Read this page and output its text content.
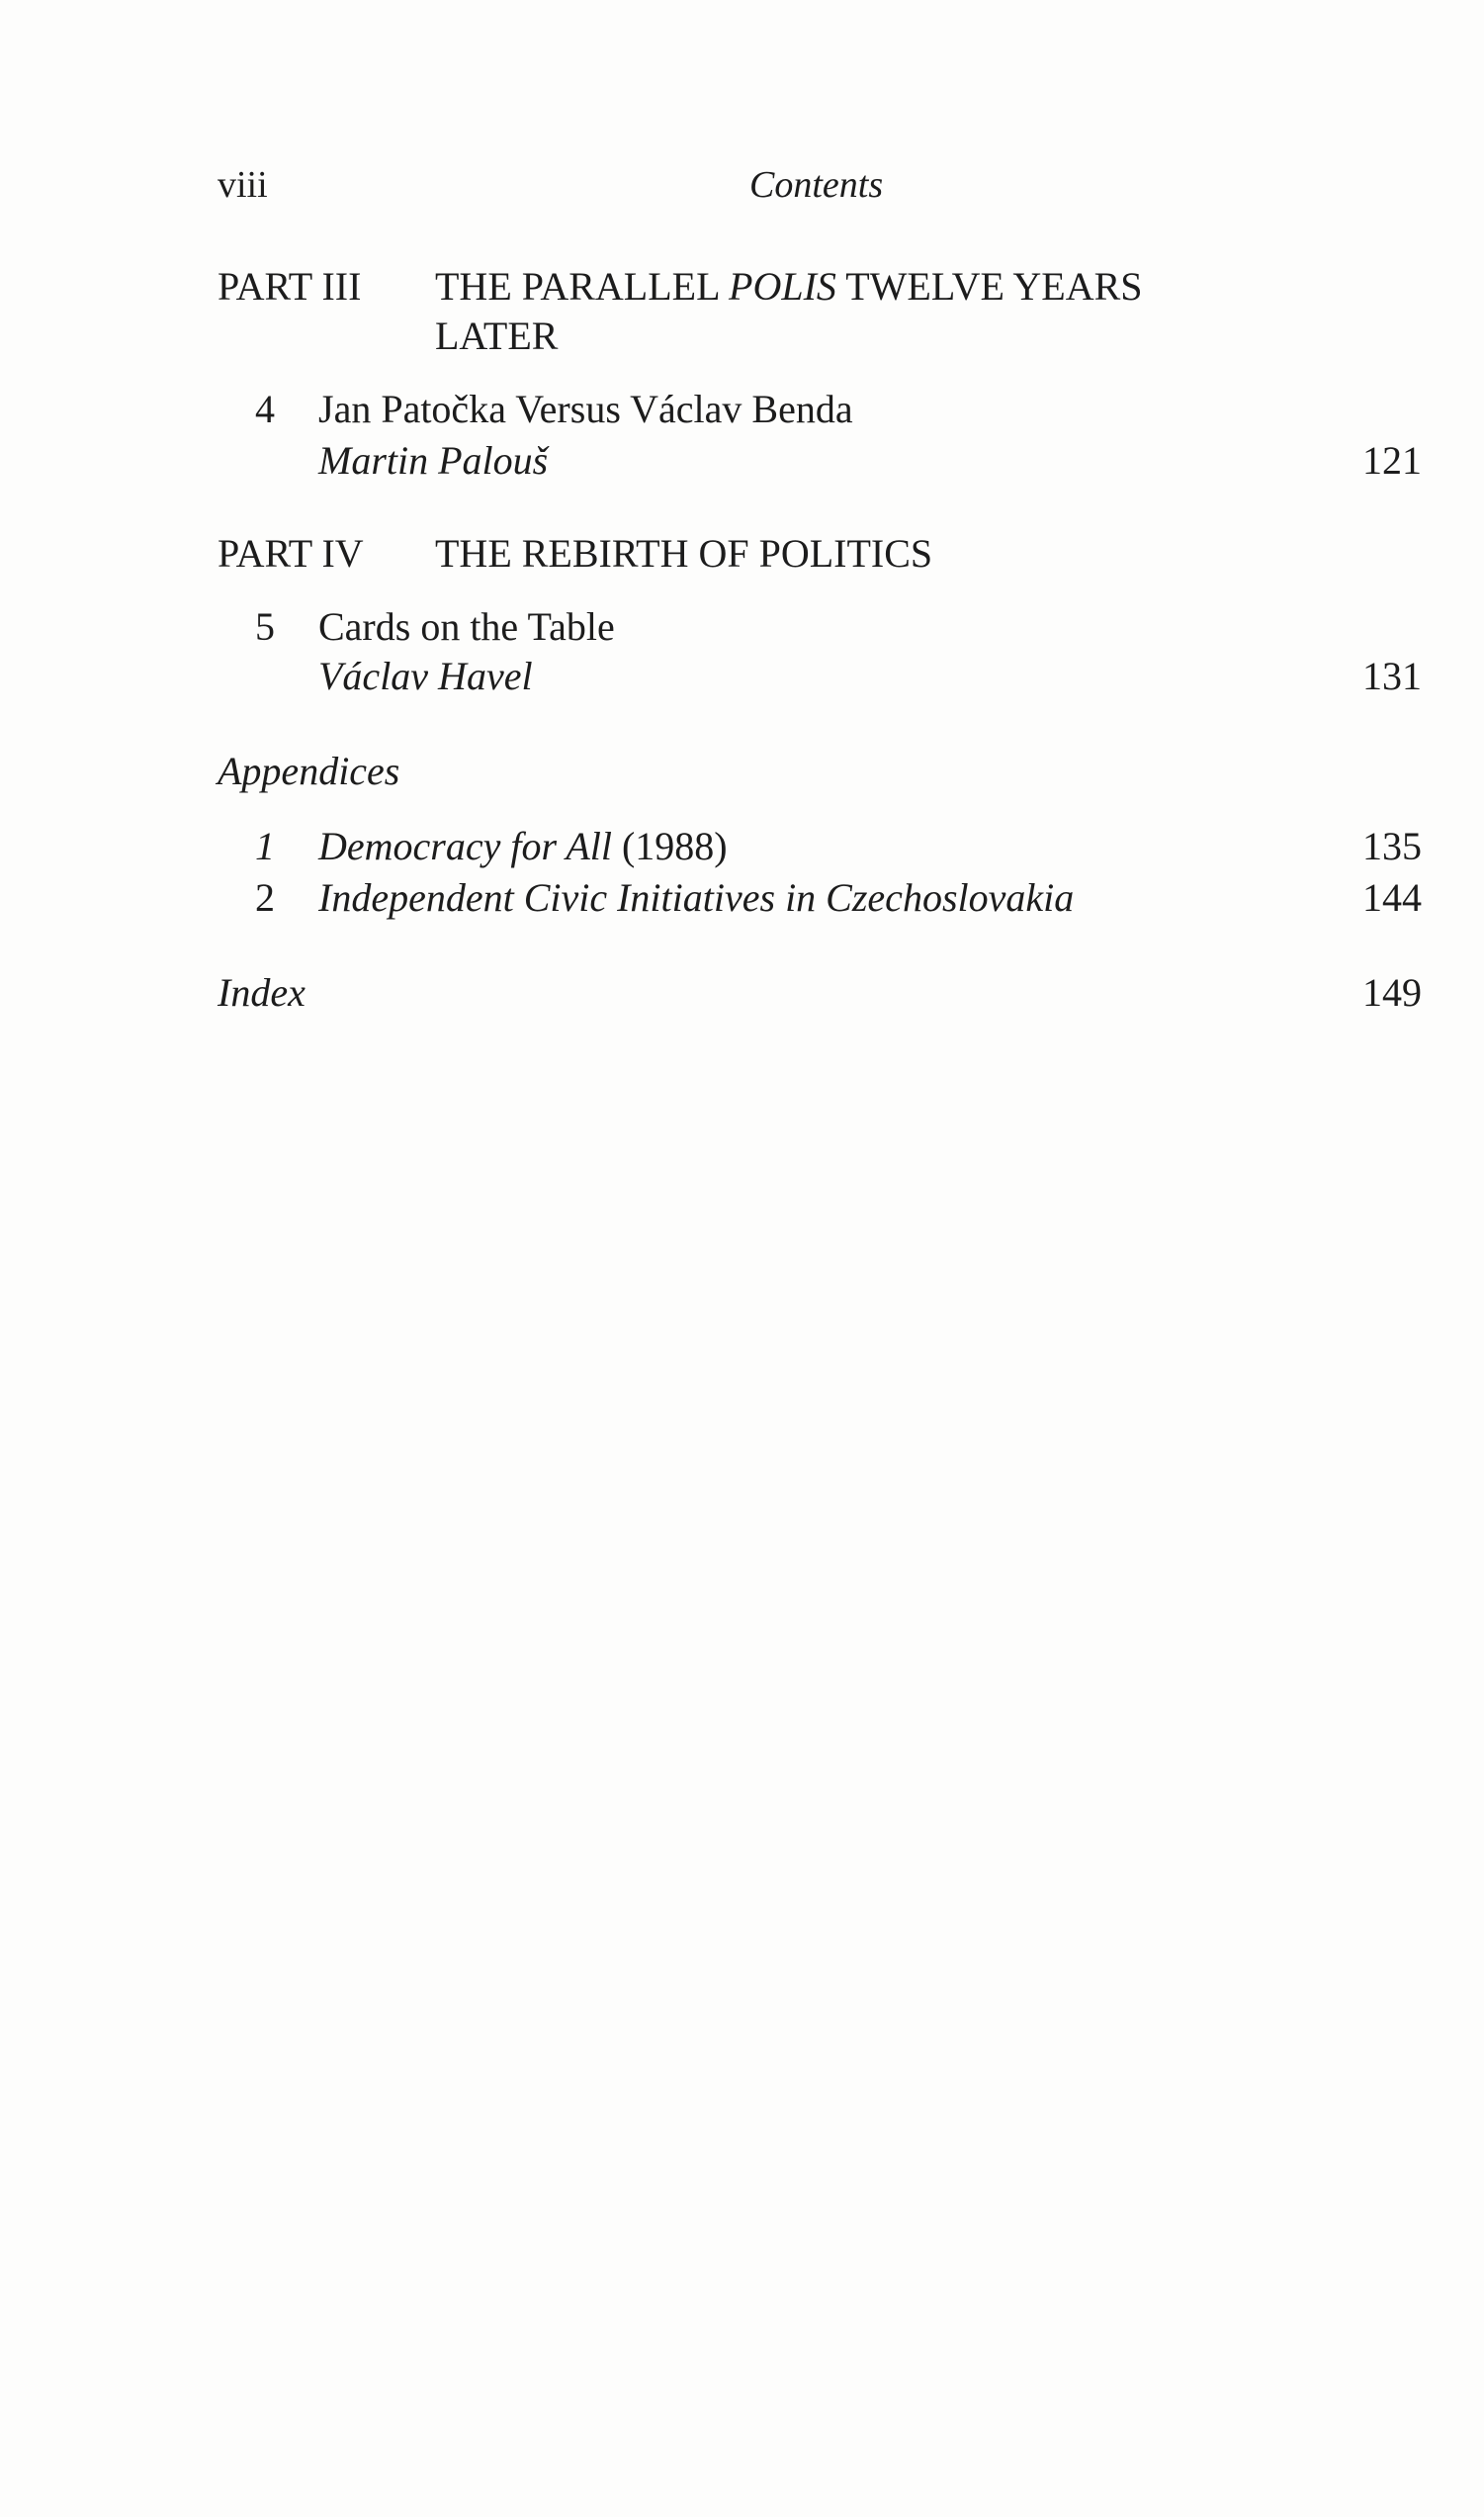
viii	Contents
PART III THE PARALLEL POLIS TWELVE YEARS
LATER
4 Jan Patočka Versus Václav Benda
Martin Palouš	121
PART IV THE REBIRTH OF POLITICS
5 Cards on the Table
Václav Havel	131
Appendices
1 Democracy for All (1988)	135
2 Independent Civic Initiatives in Czechoslovakia	144
Index	149
